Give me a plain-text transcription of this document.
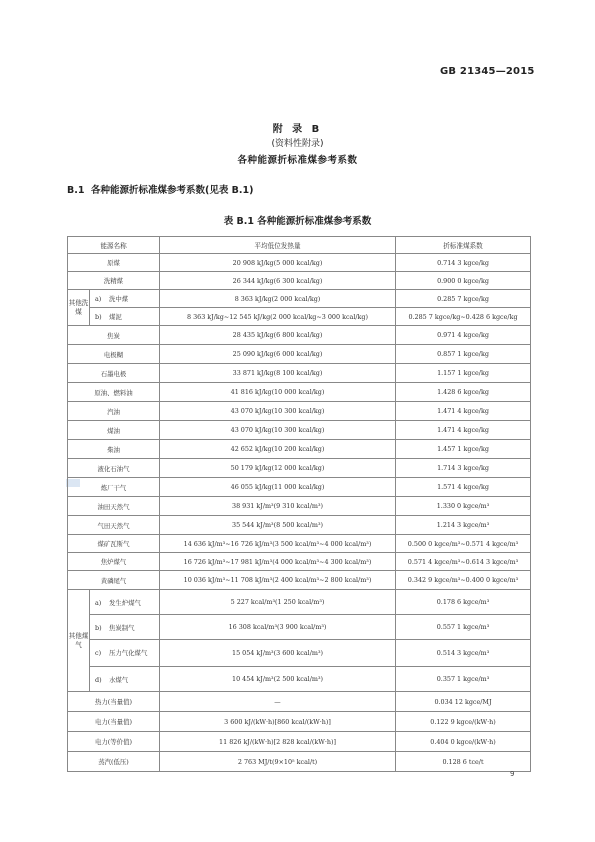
GB 21345—2015
附 录 B
(资料性附录)
各种能源折标准煤参考系数
B.1 各种能源折标准煤参考系数(见表 B.1)
表 B.1 各种能源折标准煤参考系数
能源名称		平均低位发热量	折标准煤系数
原煤		20 908 kJ/kg(5 000 kcal/kg)	0.714 3 kgce/kg
洗精煤		26 344 kJ/kg(6 300 kcal/kg)	0.900 0 kgce/kg
其他洗煤	a) 洗中煤	8 363 kJ/kg(2 000 kcal/kg)	0.285 7 kgce/kg
	b) 煤泥	8 363 kJ/kg~12 545 kJ/kg(2 000 kcal/kg~3 000 kcal/kg)	0.285 7 kgce/kg~0.428 6 kgce/kg
焦炭		28 435 kJ/kg(6 800 kcal/kg)	0.971 4 kgce/kg
电极糊		25 090 kJ/kg(6 000 kcal/kg)	0.857 1 kgce/kg
石墨电极		33 871 kJ/kg(8 100 kcal/kg)	1.157 1 kgce/kg
原油、燃料油		41 816 kJ/kg(10 000 kcal/kg)	1.428 6 kgce/kg
汽油		43 070 kJ/kg(10 300 kcal/kg)	1.471 4 kgce/kg
煤油		43 070 kJ/kg(10 300 kcal/kg)	1.471 4 kgce/kg
柴油		42 652 kJ/kg(10 200 kcal/kg)	1.457 1 kgce/kg
液化石油气		50 179 kJ/kg(12 000 kcal/kg)	1.714 3 kgce/kg
炼厂干气		46 055 kJ/kg(11 000 kcal/kg)	1.571 4 kgce/kg
油田天然气		38 931 kJ/m³(9 310 kcal/m³)	1.330 0 kgce/m³
气田天然气		35 544 kJ/m³(8 500 kcal/m³)	1.214 3 kgce/m³
煤矿瓦斯气		14 636 kJ/m³~16 726 kJ/m³(3 500 kcal/m³~4 000 kcal/m³)	0.500 0 kgce/m³~0.571 4 kgce/m³
焦炉煤气		16 726 kJ/m³~17 981 kJ/m³(4 000 kcal/m³~4 300 kcal/m³)	0.571 4 kgce/m³~0.614 3 kgce/m³
黄磷尾气		10 036 kJ/m³~11 708 kJ/m³(2 400 kcal/m³~2 800 kcal/m³)	0.342 9 kgce/m³~0.400 0 kgce/m³
其他煤气	a) 发生炉煤气	5 227 kcal/m³(1 250 kcal/m³)	0.178 6 kgce/m³
	b) 焦炭制气	16 308 kcal/m³(3 900 kcal/m³)	0.557 1 kgce/m³
	c) 压力气化煤气	15 054 kJ/m³(3 600 kcal/m³)	0.514 3 kgce/m³
	d) 水煤气	10 454 kJ/m³(2 500 kcal/m³)	0.357 1 kgce/m³
热力(当量值)		—	0.034 12 kgce/MJ
电力(当量值)		3 600 kJ/(kW·h)[860 kcal/(kW·h)]	0.122 9 kgce/(kW·h)
电力(等价值)		11 826 kJ/(kW·h)[2 828 kcal/(kW·h)]	0.404 0 kgce/(kW·h)
蒸汽(低压)		2 763 MJ/t(9×10⁵ kcal/t)	0.128 6 tce/t
9
